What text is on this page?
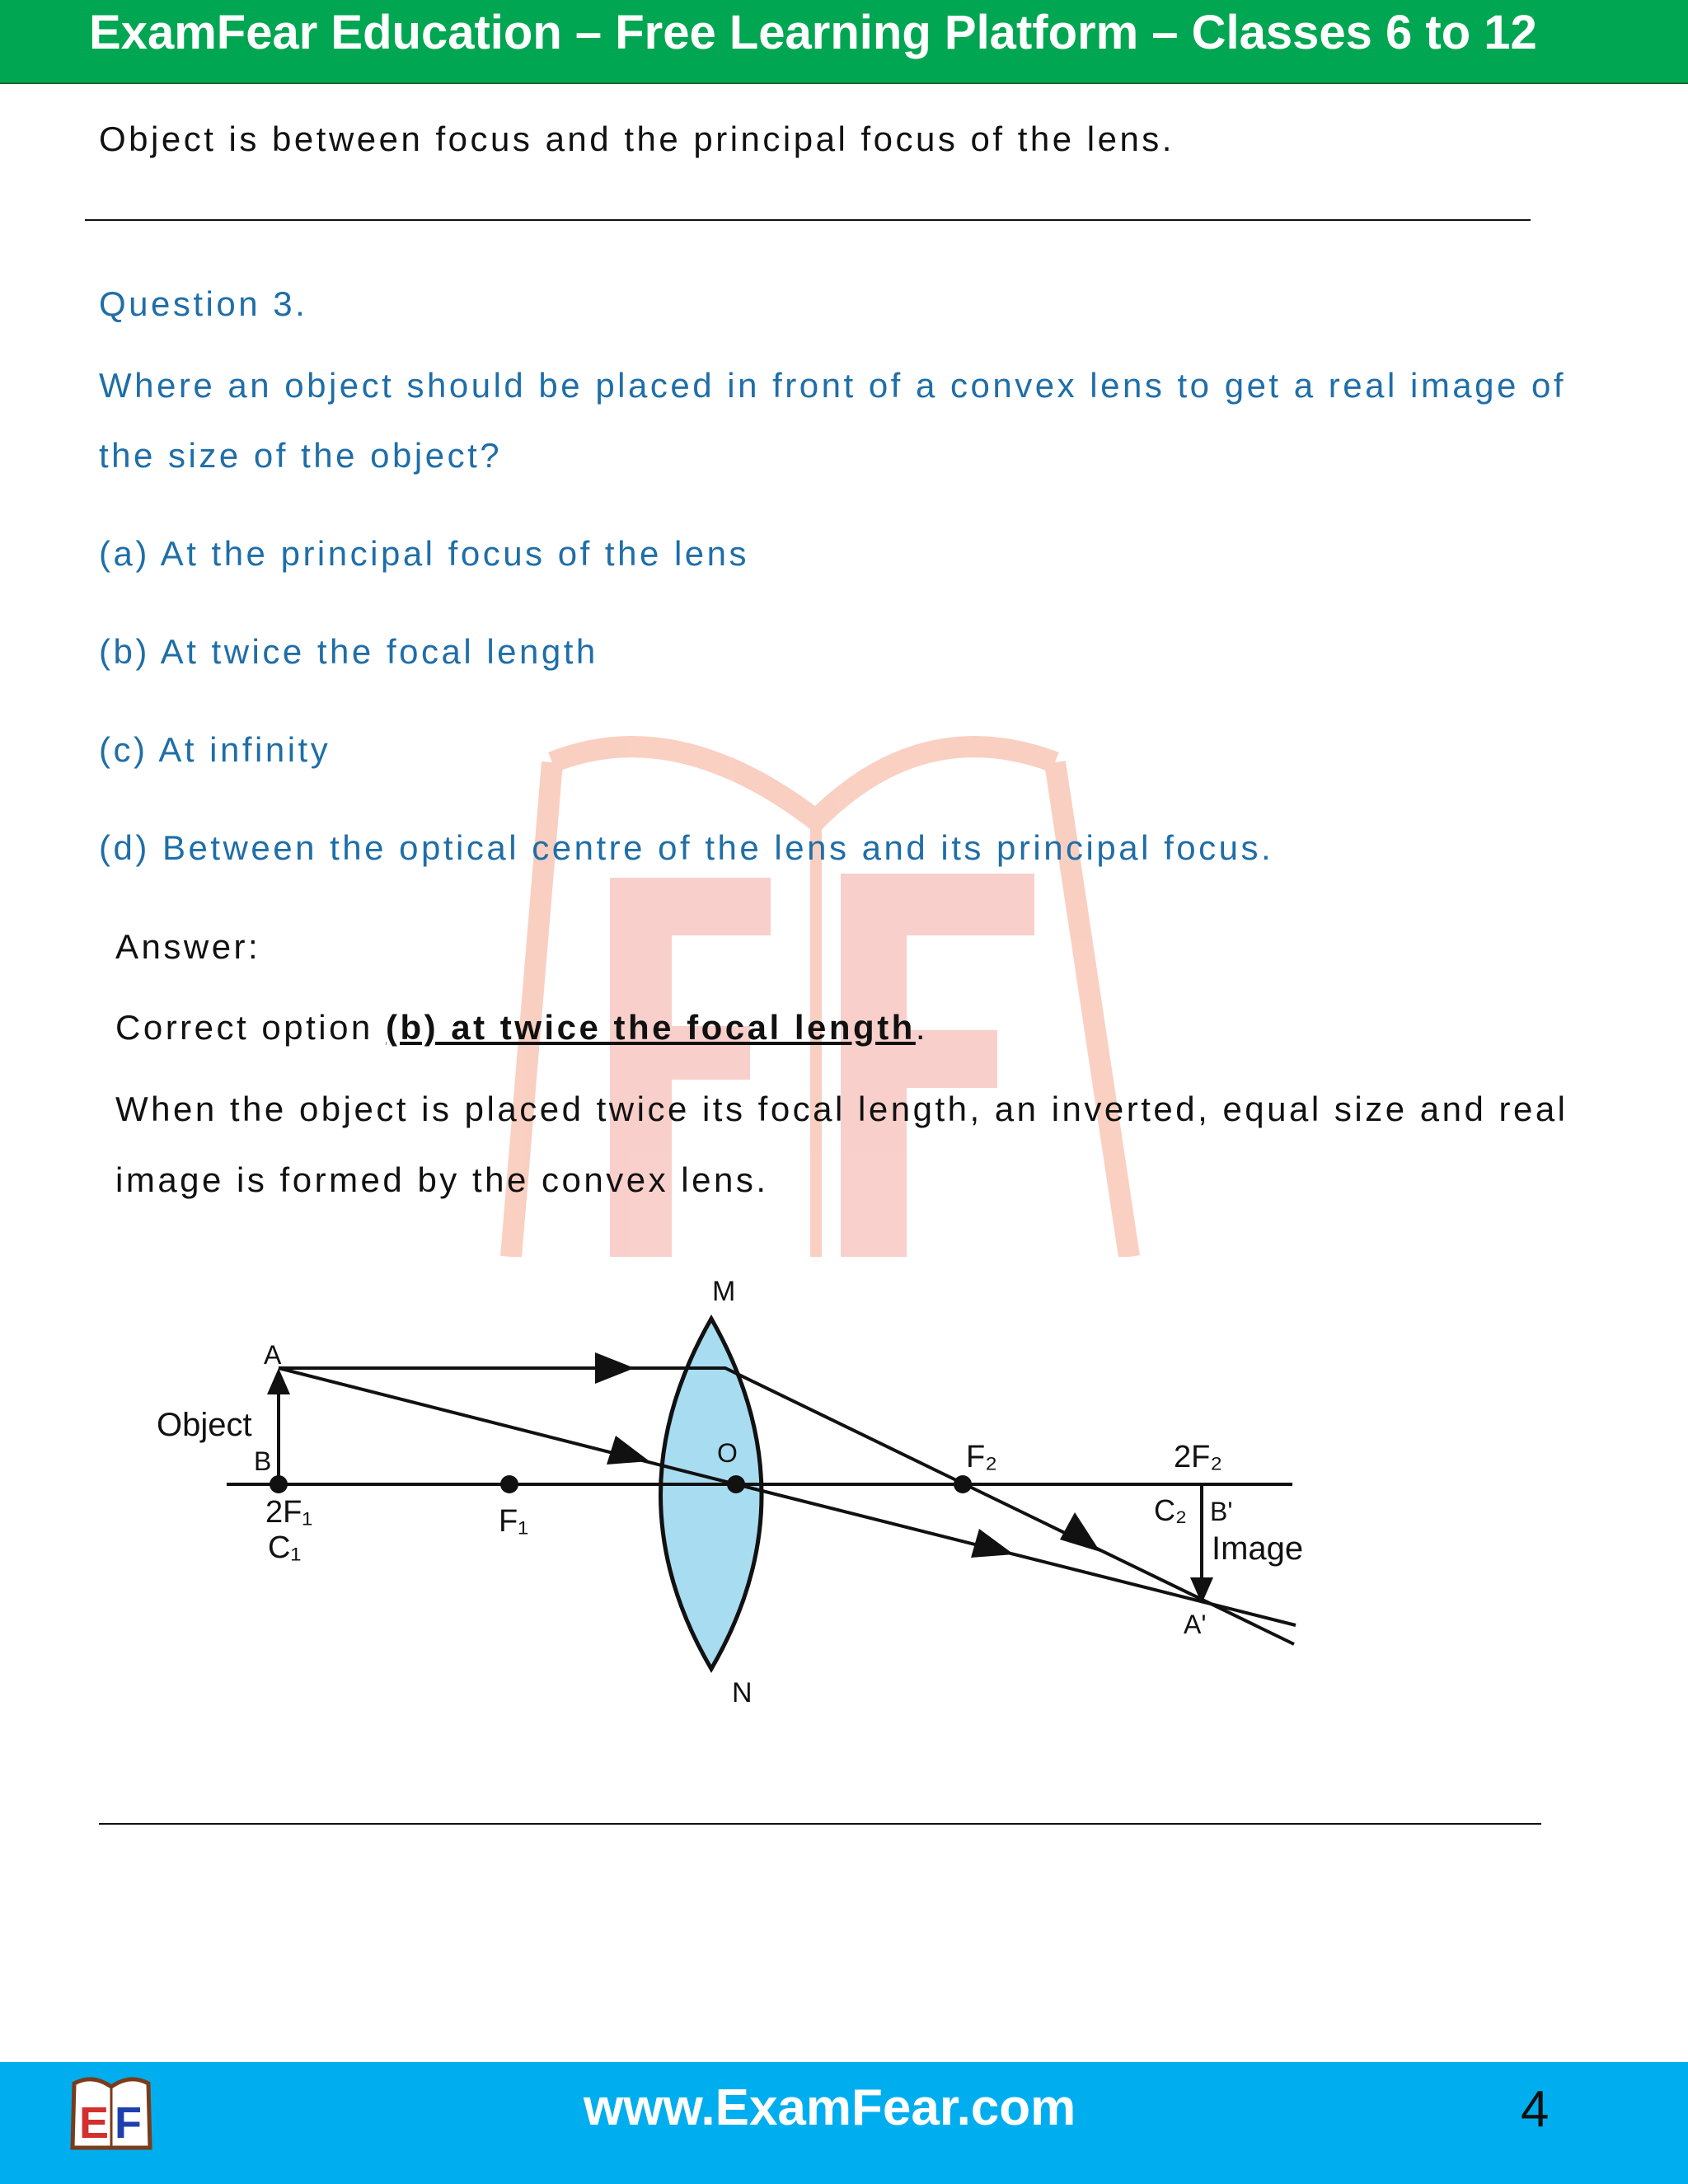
ExamFear Education – Free Learning Platform – Classes 6 to 12
Object is between focus and the principal focus of the lens.
Question 3.
Where an object should be placed in front of a convex lens to get a real image of
the size of the object?
(a) At the principal focus of the lens
(b) At twice the focal length
(c) At infinity
(d) Between the optical centre of the lens and its principal focus.
Answer:
Correct option (b) at twice the focal length.
When the object is placed twice its focal length, an inverted, equal size and real
image is formed by the convex lens.
M
N
O
A
B
Object
2F₁
C₁
F₁
F₂	2F₂
C₂ B'
Image
A'
E F	www.ExamFear.com	4
